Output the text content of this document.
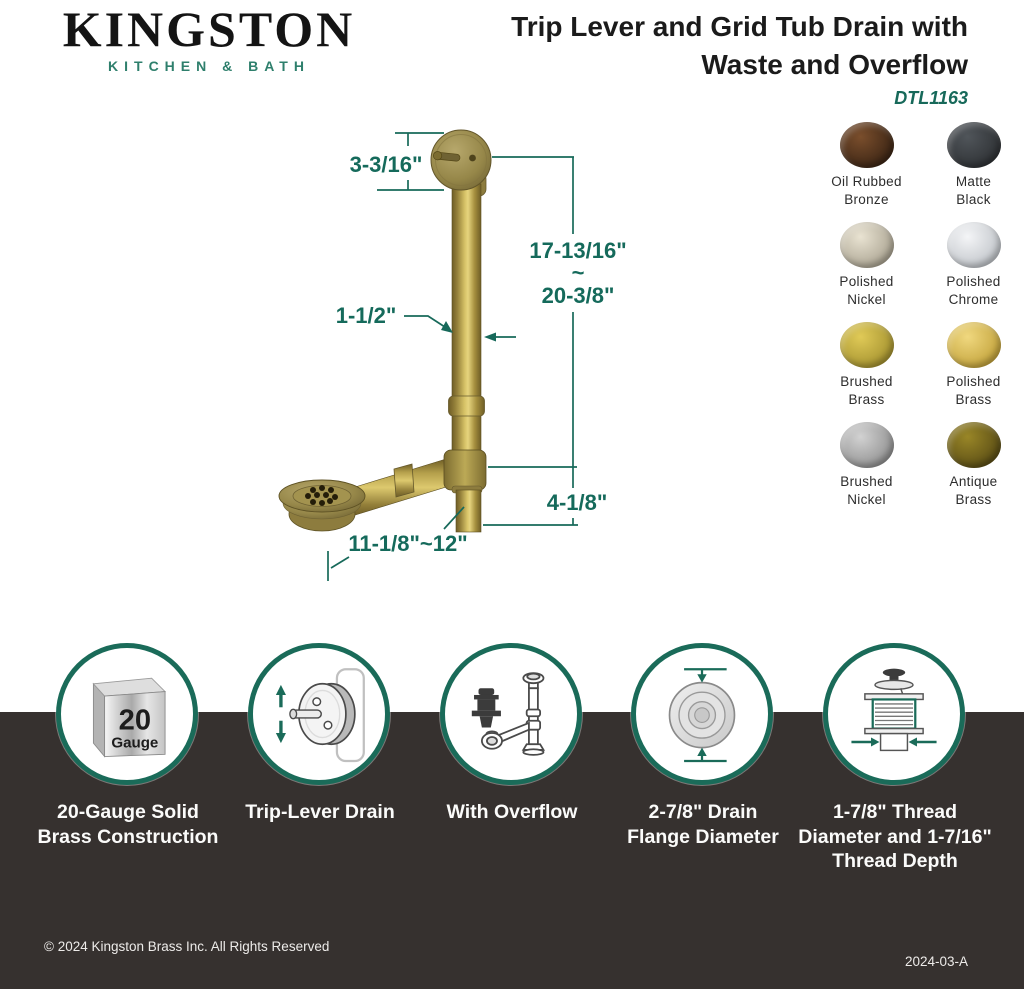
KINGSTON
KITCHEN & BATH
Trip Lever and Grid Tub Drain with
Waste and Overflow
DTL1163
3-3/16"
17-13/16"
~
20-3/8"
1-1/2"
4-1/8"
11-1/8"~12"
Oil Rubbed
Bronze
Matte
Black
Polished
Nickel
Polished
Chrome
Brushed
Brass
Polished
Brass
Brushed
Nickel
Antique
Brass
20
Gauge
20-Gauge Solid
Brass Construction
Trip-Lever Drain	With Overflow	2-7/8" Drain
Flange Diameter
1-7/8" Thread
Diameter and 1-7/16"
Thread Depth
© 2024 Kingston Brass Inc. All Rights Reserved
2024-03-A
